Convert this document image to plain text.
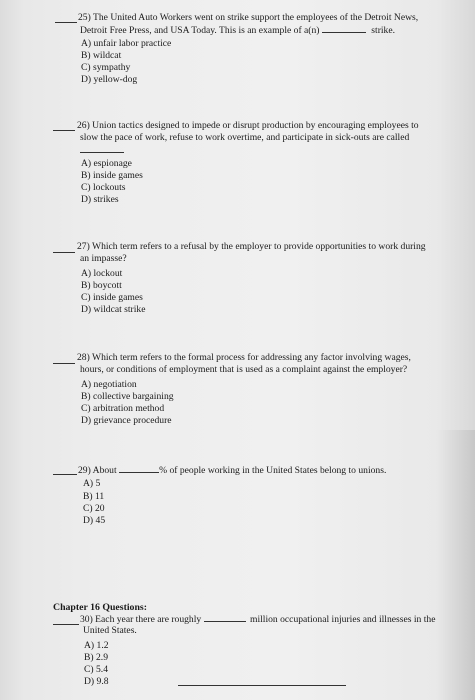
25) The United Auto Workers went on strike support the employees of the Detroit News,
Detroit Free Press, and USA Today. This is an example of a(n)	strike.
A) unfair labor practice
B) wildcat
C) sympathy
D) yellow-dog
26) Union tactics designed to impede or disrupt production by encouraging employees to
slow the pace of work, refuse to work overtime, and participate in sick-outs are called
A) espionage
B) inside games
C) lockouts
D) strikes
27) Which term refers to a refusal by the employer to provide opportunities to work during
an impasse?
A) lockout
B) boycott
C) inside games
D) wildcat strike
28) Which term refers to the formal process for addressing any factor involving wages,
hours, or conditions of employment that is used as a complaint against the employer?
A) negotiation
B) collective bargaining
C) arbitration method
D) grievance procedure
29) About	% of people working in the United States belong to unions.
A) 5
B) 11
C) 20
D) 45
Chapter 16 Questions:
30) Each year there are roughly	million occupational injuries and illnesses in the
United States.
A) 1.2
B) 2.9
C) 5.4
D) 9.8
